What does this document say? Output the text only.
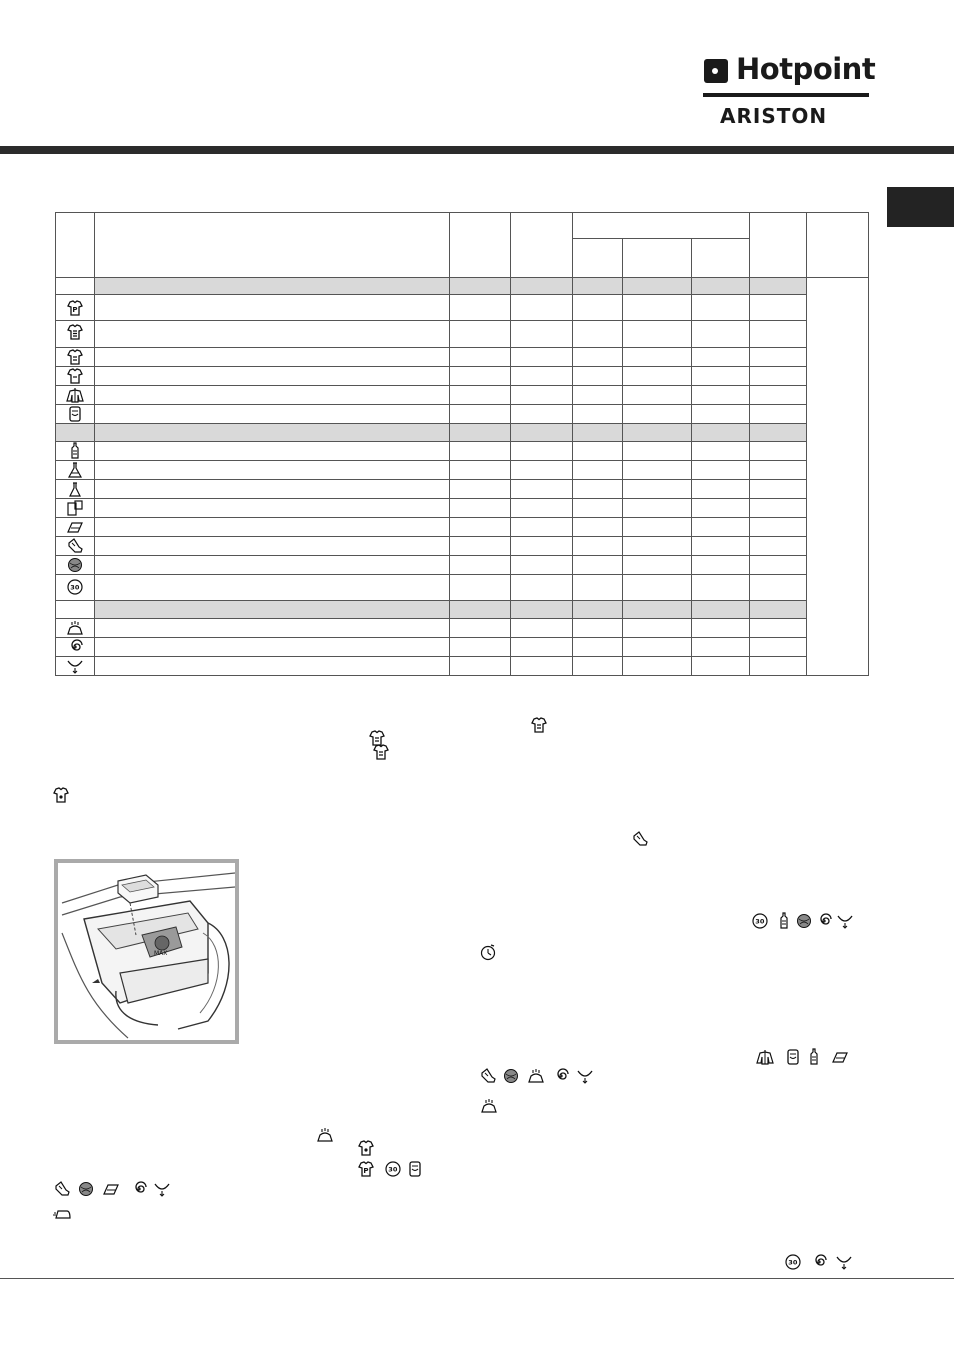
Hotpoint
ARISTON
P
30
30
P	30
30
MAX
